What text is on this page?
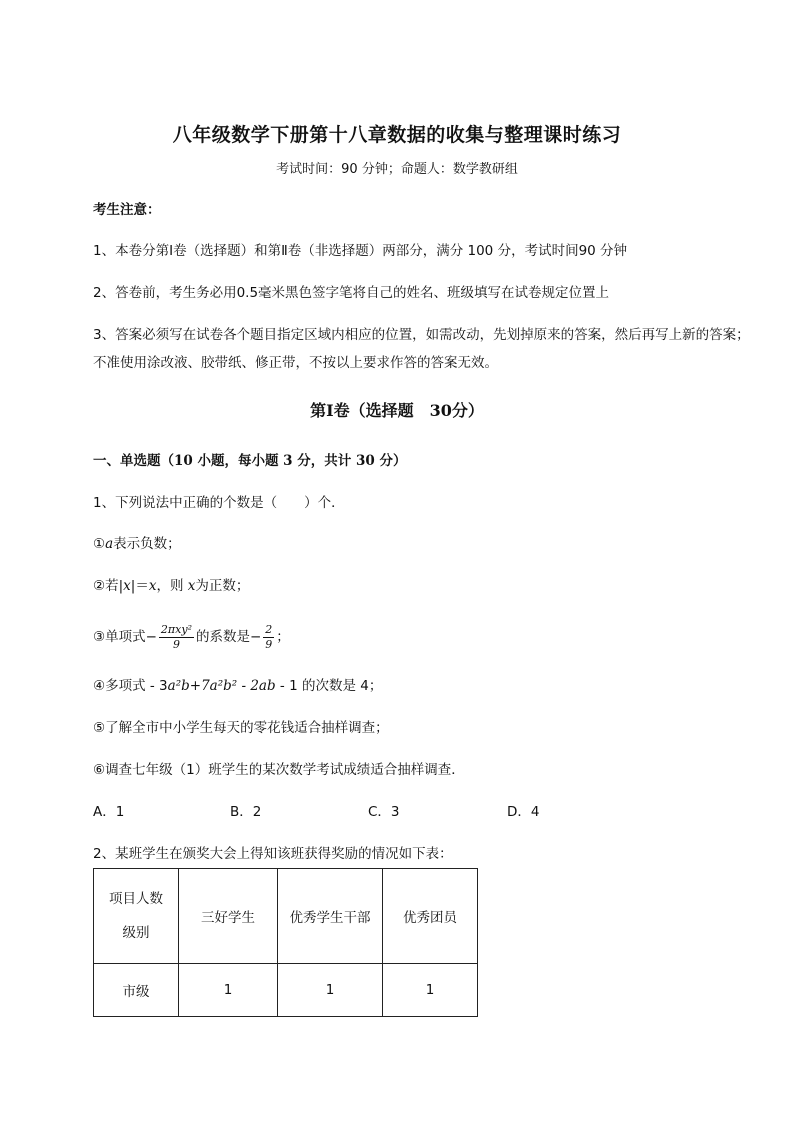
八年级数学下册第十八章数据的收集与整理课时练习
考试时间：90 分钟；命题人：数学教研组
考生注意：
1、本卷分第Ⅰ卷（选择题）和第Ⅱ卷（非选择题）两部分，满分 100 分，考试时间90 分钟
2、答卷前，考生务必用0.5毫米黑色签字笔将自己的姓名、班级填写在试卷规定位置上
3、答案必须写在试卷各个题目指定区域内相应的位置，如需改动，先划掉原来的答案，然后再写上新的答案；不准使用涂改液、胶带纸、修正带，不按以上要求作答的答案无效。
第Ⅰ卷（选择题　30分）
一、单选题（10 小题，每小题 3 分，共计 30 分）
1、下列说法中正确的个数是（　　）个．
①a表示负数；
②若|x|＝x，则 x为正数；
③单项式− $\frac{\text{2πxy²}}{9}$ 的系数是− $\frac{2}{9}$ ；
④多项式 - 3a²b+7a²b² - 2ab - 1 的次数是 4；
⑤了解全市中小学生每天的零花钱适合抽样调查；
⑥调查七年级（1）班学生的某次数学考试成绩适合抽样调查．
A．1	B．2	C．3	D．4
2、某班学生在颁奖大会上得知该班获得奖励的情况如下表：
项目人数
级别	三好学生	优秀学生干部	优秀团员
市级	1	1	1
